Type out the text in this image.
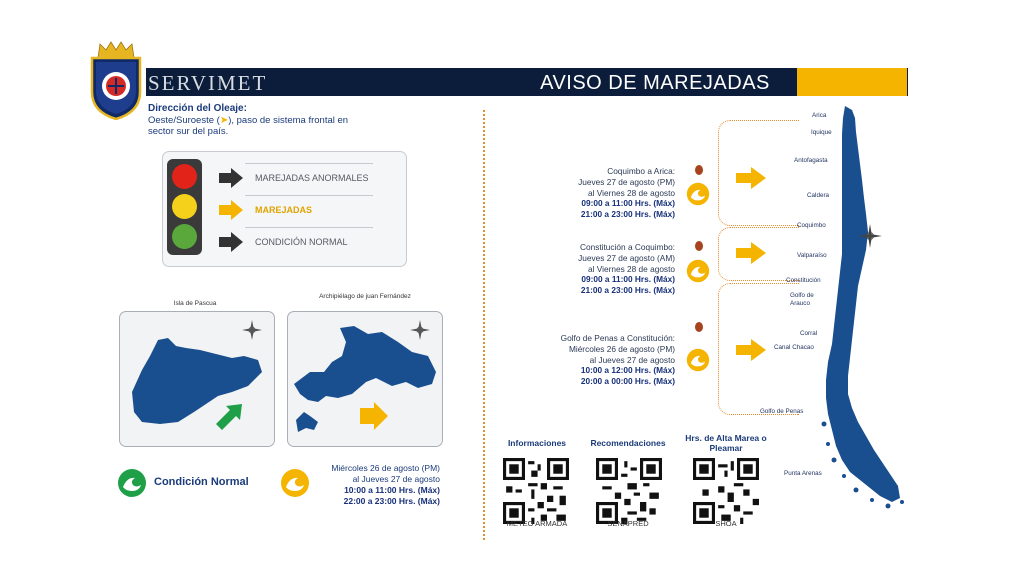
SERVIMET	AVISO DE MAREJADAS
Dirección del Oleaje:
Oeste/Suroeste (➤), paso de sistema frontal en sector sur del país.
MAREJADAS ANORMALES
MAREJADAS
CONDICIÓN NORMAL
Isla de Pascua
Archipiélago de juan Fernández
Condición Normal
Miércoles 26 de agosto (PM)
al Jueves 27 de agosto
10:00 a 11:00 Hrs. (Máx)
22:00 a 23:00 Hrs. (Máx)
Coquimbo a Arica:
Jueves 27 de agosto (PM)
al Viernes 28 de agosto
09:00 a 11:00 Hrs. (Máx)
21:00 a 23:00 Hrs. (Máx)
Constitución a Coquimbo:
Jueves 27 de agosto (AM)
al Viernes 28 de agosto
09:00 a 11:00 Hrs. (Máx)
21:00 a 23:00 Hrs. (Máx)
Golfo de Penas a Constitución:
Miércoles 26 de agosto (PM)
al Jueves 27 de agosto
10:00 a 12:00 Hrs. (Máx)
20:00 a 00:00 Hrs. (Máx)
Arica
Iquique
Antofagasta
Caldera
Coquimbo
Valparaíso
Constitución
Golfo de Arauco
Corral
Canal Chacao
Golfo de Penas
Punta Arenas
Informaciones	Recomendaciones	Hrs. de Alta Marea o Pleamar
METEO ARMADA	SENAPRED	SHOA
